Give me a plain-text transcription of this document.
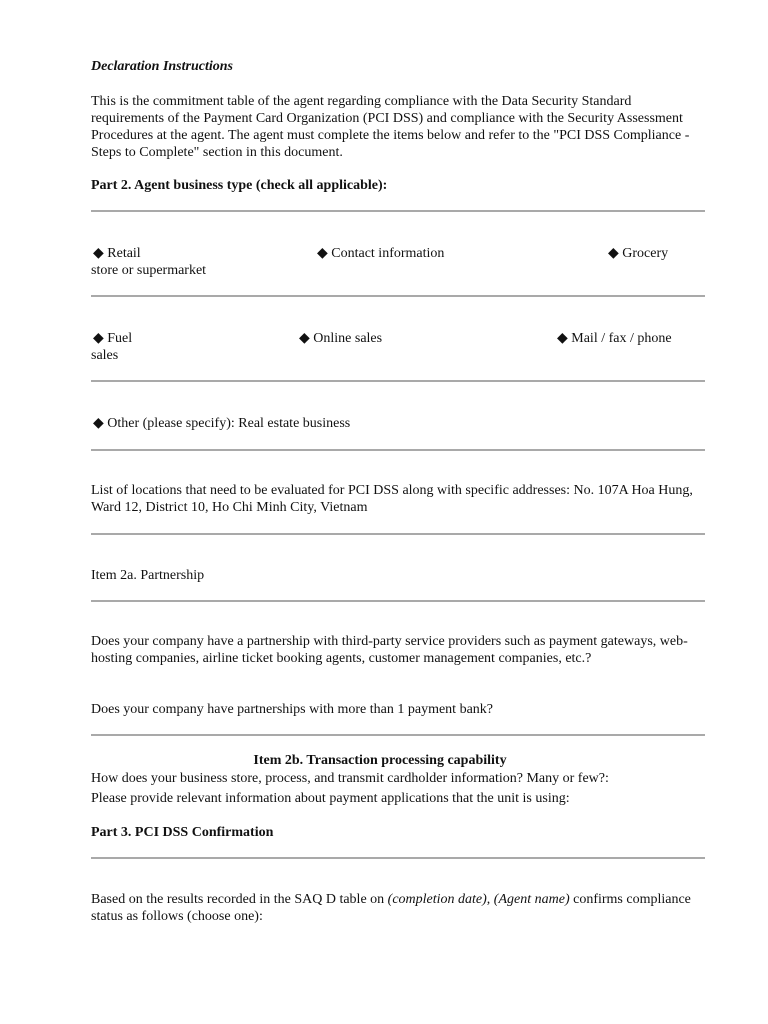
Declaration Instructions
This is the commitment table of the agent regarding compliance with the Data Security Standard requirements of the Payment Card Organization (PCI DSS) and compliance with the Security Assessment Procedures at the agent. The agent must complete the items below and refer to the "PCI DSS Compliance - Steps to Complete" section in this document.
Part 2. Agent business type (check all applicable):
◆ Retail	◆ Contact information	◆ Grocery
store or supermarket
◆ Fuel	◆ Online sales	◆ Mail / fax / phone
sales
◆ Other (please specify): Real estate business
List of locations that need to be evaluated for PCI DSS along with specific addresses: No. 107A Hoa Hung, Ward 12, District 10, Ho Chi Minh City, Vietnam
Item 2a. Partnership
Does your company have a partnership with third-party service providers such as payment gateways, web-hosting companies, airline ticket booking agents, customer management companies, etc.?
Does your company have partnerships with more than 1 payment bank?
Item 2b. Transaction processing capability
How does your business store, process, and transmit cardholder information? Many or few?:
Please provide relevant information about payment applications that the unit is using:
Part 3. PCI DSS Confirmation
Based on the results recorded in the SAQ D table on (completion date), (Agent name) confirms compliance status as follows (choose one):
